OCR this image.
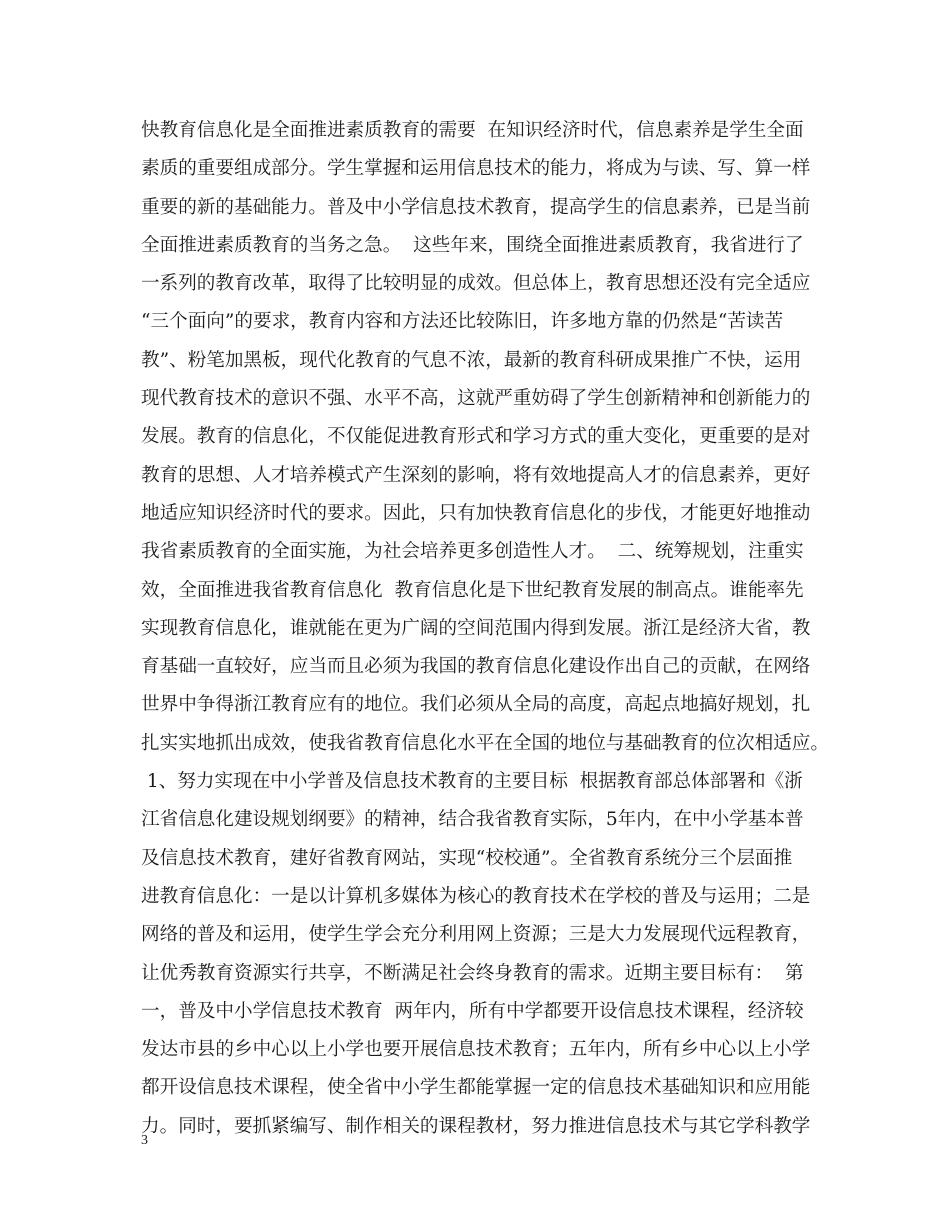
快教育信息化是全面推进素质教育的需要  在知识经济时代，信息素养是学生全面
素质的重要组成部分。学生掌握和运用信息技术的能力，将成为与读、写、算一样
重要的新的基础能力。普及中小学信息技术教育，提高学生的信息素养，已是当前
全面推进素质教育的当务之急。  这些年来，围绕全面推进素质教育，我省进行了
一系列的教育改革，取得了比较明显的成效。但总体上，教育思想还没有完全适应
“三个面向”的要求，教育内容和方法还比较陈旧，许多地方靠的仍然是“苦读苦
教”、粉笔加黑板，现代化教育的气息不浓，最新的教育科研成果推广不快，运用
现代教育技术的意识不强、水平不高，这就严重妨碍了学生创新精神和创新能力的
发展。教育的信息化，不仅能促进教育形式和学习方式的重大变化，更重要的是对
教育的思想、人才培养模式产生深刻的影响，将有效地提高人才的信息素养，更好
地适应知识经济时代的要求。因此，只有加快教育信息化的步伐，才能更好地推动
我省素质教育的全面实施，为社会培养更多创造性人才。  二、统筹规划，注重实
效，全面推进我省教育信息化  教育信息化是下世纪教育发展的制高点。谁能率先
实现教育信息化，谁就能在更为广阔的空间范围内得到发展。浙江是经济大省，教
育基础一直较好，应当而且必须为我国的教育信息化建设作出自己的贡献，在网络
世界中争得浙江教育应有的地位。我们必须从全局的高度，高起点地搞好规划，扎
扎实实地抓出成效，使我省教育信息化水平在全国的地位与基础教育的位次相适应。
1、努力实现在中小学普及信息技术教育的主要目标  根据教育部总体部署和《浙
江省信息化建设规划纲要》的精神，结合我省教育实际，5年内，在中小学基本普
及信息技术教育，建好省教育网站，实现“校校通”。全省教育系统分三个层面推
进教育信息化：一是以计算机多媒体为核心的教育技术在学校的普及与运用；二是
网络的普及和运用，使学生学会充分利用网上资源；三是大力发展现代远程教育，
让优秀教育资源实行共享，不断满足社会终身教育的需求。近期主要目标有：  第
一，普及中小学信息技术教育  两年内，所有中学都要开设信息技术课程，经济较
发达市县的乡中心以上小学也要开展信息技术教育；五年内，所有乡中心以上小学
都开设信息技术课程，使全省中小学生都能掌握一定的信息技术基础知识和应用能
力。同时，要抓紧编写、制作相关的课程教材，努力推进信息技术与其它学科教学
3
